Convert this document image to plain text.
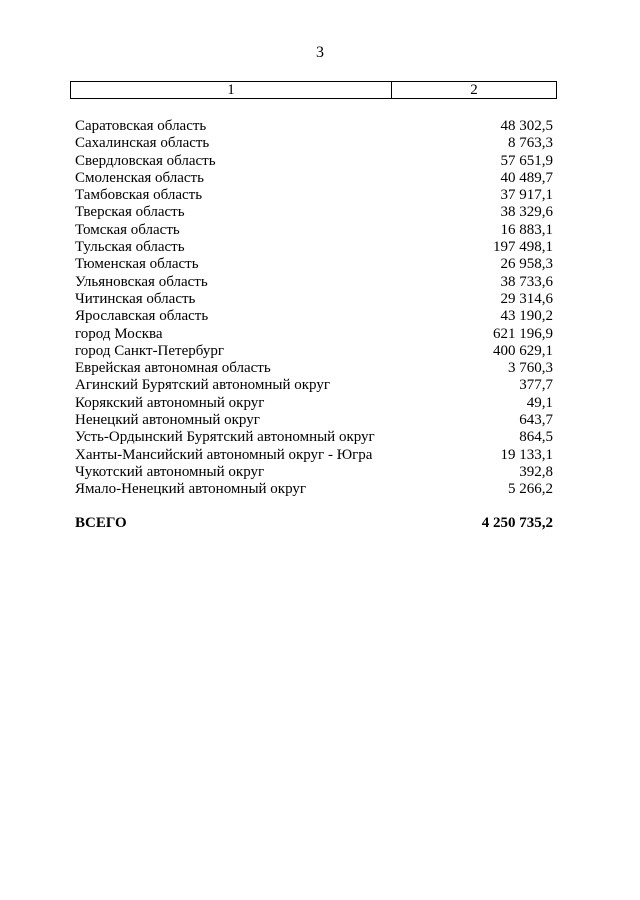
3
1	2
Саратовская область	48 302,5
Сахалинская область	8 763,3
Свердловская область	57 651,9
Смоленская область	40 489,7
Тамбовская область	37 917,1
Тверская область	38 329,6
Томская область	16 883,1
Тульская область	197 498,1
Тюменская область	26 958,3
Ульяновская область	38 733,6
Читинская область	29 314,6
Ярославская область	43 190,2
город Москва	621 196,9
город Санкт-Петербург	400 629,1
Еврейская автономная область	3 760,3
Агинский Бурятский автономный округ	377,7
Корякский автономный округ	49,1
Ненецкий автономный округ	643,7
Усть-Ордынский Бурятский автономный округ	864,5
Ханты-Мансийский автономный округ - Югра	19 133,1
Чукотский автономный округ	392,8
Ямало-Ненецкий автономный округ	5 266,2
ВСЕГО	4 250 735,2
